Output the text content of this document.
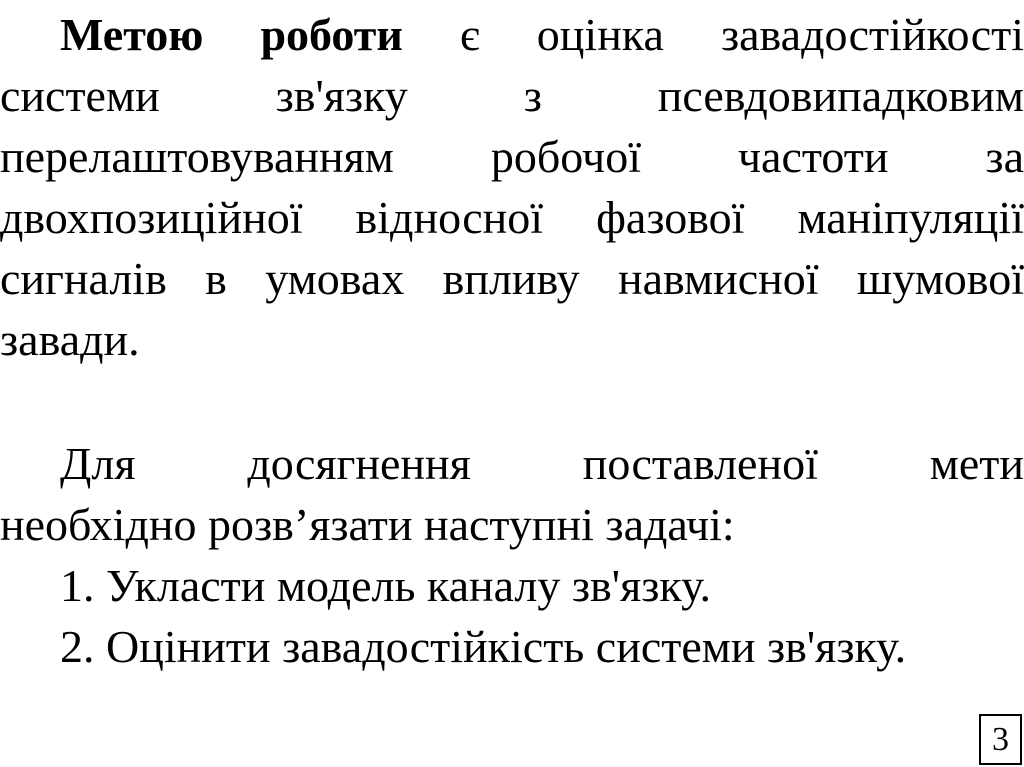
Метою роботи є оцінка завадостійкості
системи	зв'язку	з	псевдовипадковим
перелаштовуванням робочої частоти за
двохпозиційної відносної фазової маніпуляції
сигналів в умовах впливу навмисної шумової
завади.
Для досягнення поставленої мети
необхідно розв’язати наступні задачі:
1. Укласти модель каналу зв'язку.
2. Оцінити завадостійкість системи зв'язку.
3
